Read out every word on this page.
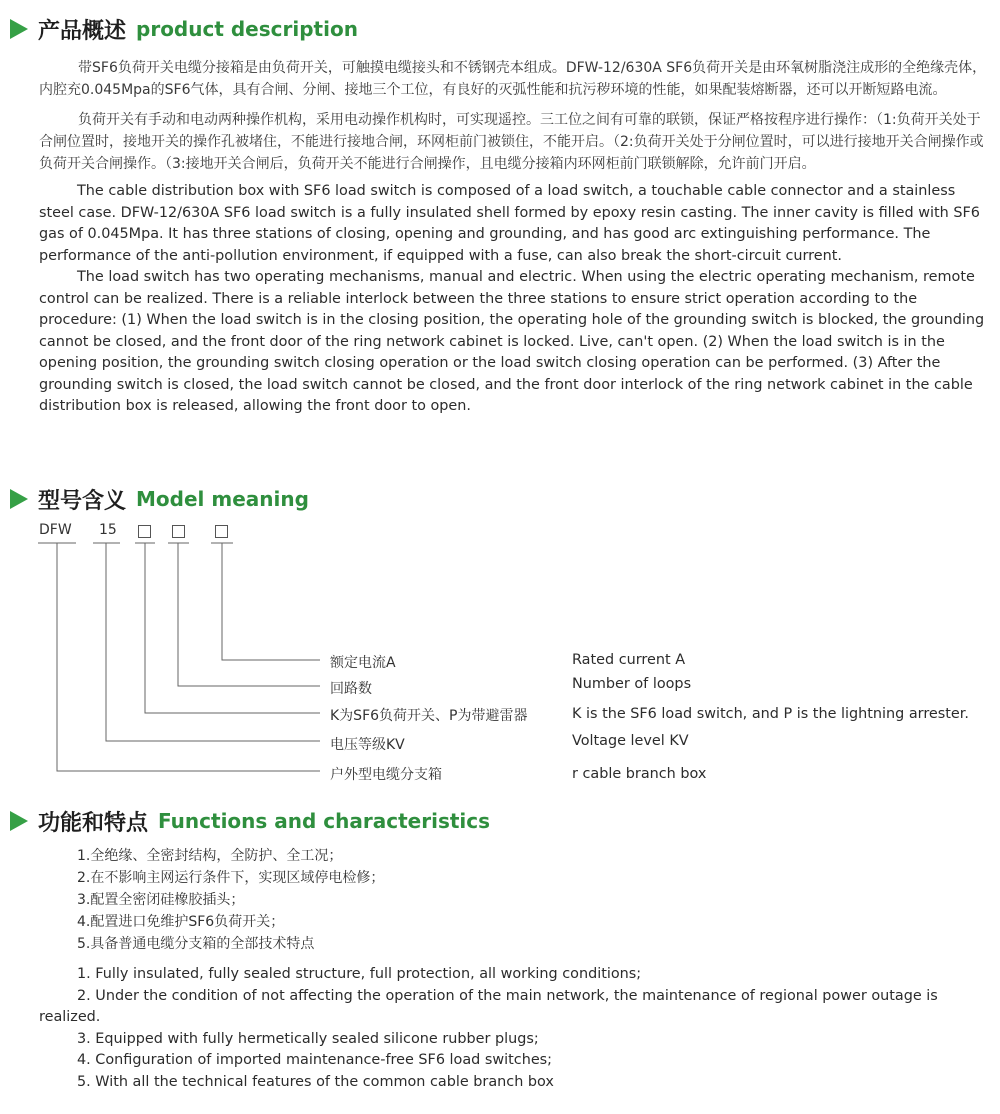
产品概述 product description

带SF6负荷开关电缆分接箱是由负荷开关，可触摸电缆接头和不锈钢壳本组成。DFW-12/630A SF6负荷开关是由环氧树脂浇注成形的全绝缘壳体，内腔充0.045Mpa的SF6气体，具有合闸、分闸、接地三个工位，有良好的灭弧性能和抗污秽环境的性能，如果配装熔断器，还可以开断短路电流。

负荷开关有手动和电动两种操作机构，采用电动操作机构时，可实现遥控。三工位之间有可靠的联锁，保证严格按程序进行操作：（1:负荷开关处于合闸位置时，接地开关的操作孔被堵住，不能进行接地合闸，环网柜前门被锁住，不能开启。（2:负荷开关处于分闸位置时，可以进行接地开关合闸操作或负荷开关合闸操作。（3:接地开关合闸后，负荷开关不能进行合闸操作，且电缆分接箱内环网柜前门联锁解除，允许前门开启。

The cable distribution box with SF6 load switch is composed of a load switch, a touchable cable connector and a stainless steel case. DFW-12/630A SF6 load switch is a fully insulated shell formed by epoxy resin casting. The inner cavity is filled with SF6 gas of 0.045Mpa. It has three stations of closing, opening and grounding, and has good arc extinguishing performance. The performance of the anti-pollution environment, if equipped with a fuse, can also break the short-circuit current.

The load switch has two operating mechanisms, manual and electric. When using the electric operating mechanism, remote control can be realized. There is a reliable interlock between the three stations to ensure strict operation according to the procedure: (1) When the load switch is in the closing position, the operating hole of the grounding switch is blocked, the grounding cannot be closed, and the front door of the ring network cabinet is locked. Live, can't open. (2) When the load switch is in the opening position, the grounding switch closing operation or the load switch closing operation can be performed. (3) After the grounding switch is closed, the load switch cannot be closed, and the front door interlock of the ring network cabinet in the cable distribution box is released, allowing the front door to open.

型号含义 Model meaning
DFW 15
额定电流A	Rated current A
回路数	Number of loops
K为SF6负荷开关、P为带避雷器	K is the SF6 load switch, and P is the lightning arrester.
电压等级KV	Voltage level KV
户外型电缆分支箱	r cable branch box
功能和特点 Functions and characteristics
1.全绝缘、全密封结构，全防护、全工况；
2.在不影响主网运行条件下，实现区域停电检修；
3.配置全密闭硅橡胶插头；
4.配置进口免维护SF6负荷开关；
5.具备普通电缆分支箱的全部技术特点
1. Fully insulated, fully sealed structure, full protection, all working conditions;
2. Under the condition of not affecting the operation of the main network, the maintenance of regional power outage is realized.
3. Equipped with fully hermetically sealed silicone rubber plugs;
4. Configuration of imported maintenance-free SF6 load switches;
5. With all the technical features of the common cable branch box
